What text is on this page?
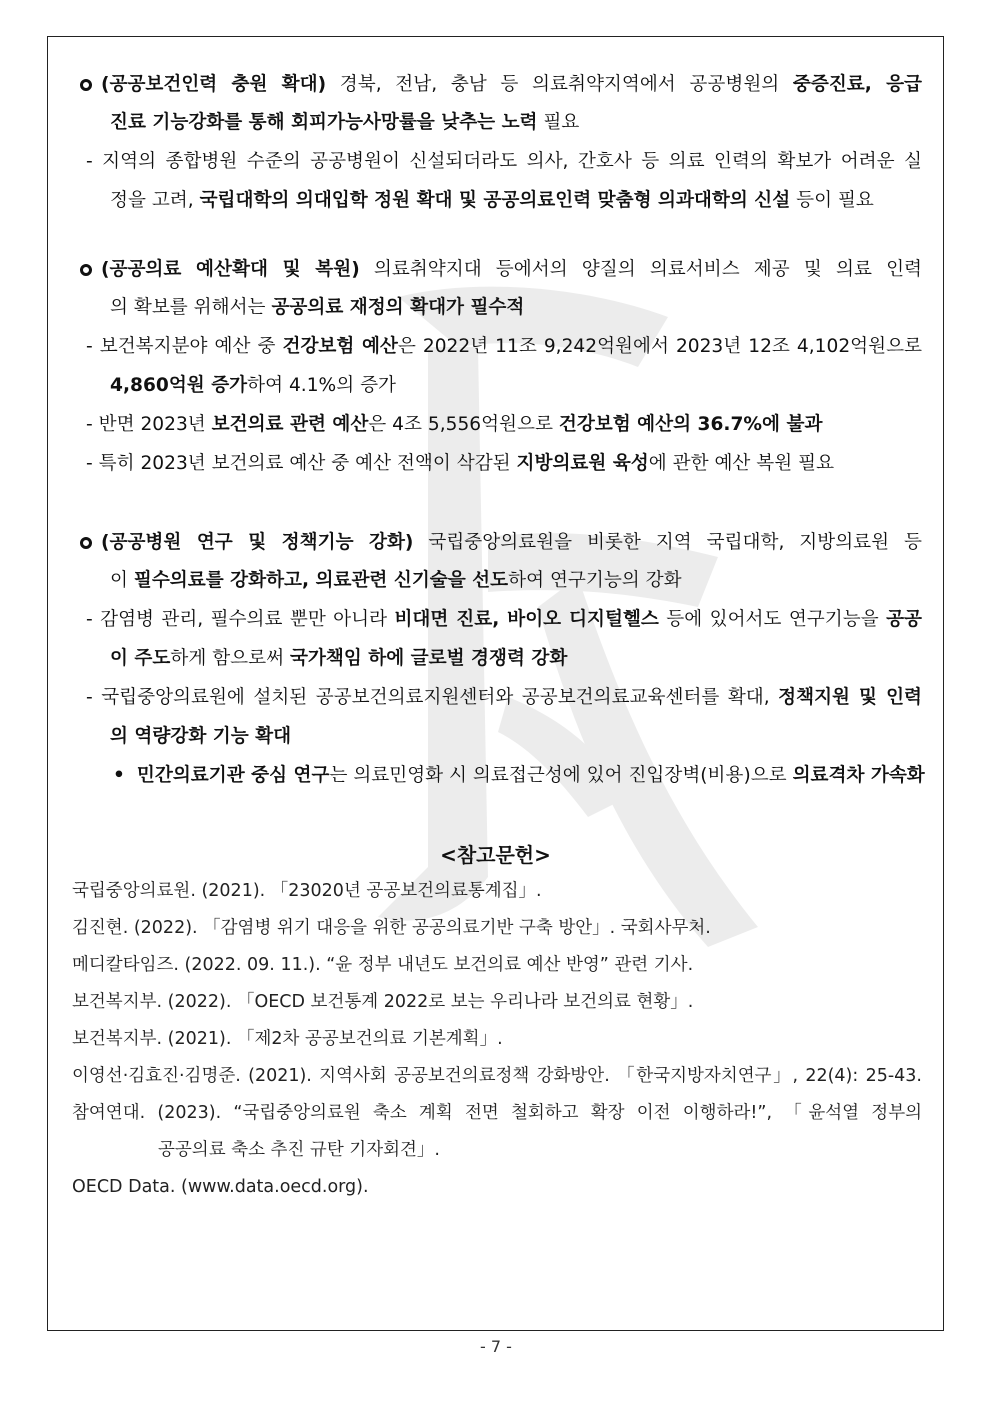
(공공보건인력 충원 확대) 경북, 전남, 충남 등 의료취약지역에서 공공병원의 중증진료, 응급
진료 기능강화를 통해 회피가능사망률을 낮추는 노력 필요
- 지역의 종합병원 수준의 공공병원이 신설되더라도 의사, 간호사 등 의료 인력의 확보가 어려운 실
정을 고려, 국립대학의 의대입학 정원 확대 및 공공의료인력 맞춤형 의과대학의 신설 등이 필요
(공공의료 예산확대 및 복원) 의료취약지대 등에서의 양질의 의료서비스 제공 및 의료 인력
의 확보를 위해서는 공공의료 재정의 확대가 필수적
- 보건복지분야 예산 중 건강보험 예산은 2022년 11조 9,242억원에서 2023년 12조 4,102억원으로
4,860억원 증가하여 4.1%의 증가
- 반면 2023년 보건의료 관련 예산은 4조 5,556억원으로 건강보험 예산의 36.7%에 불과
- 특히 2023년 보건의료 예산 중 예산 전액이 삭감된 지방의료원 육성에 관한 예산 복원 필요
(공공병원 연구 및 정책기능 강화) 국립중앙의료원을 비롯한 지역 국립대학, 지방의료원 등
이 필수의료를 강화하고, 의료관련 신기술을 선도하여 연구기능의 강화
- 감염병 관리, 필수의료 뿐만 아니라 비대면 진료, 바이오 디지털헬스 등에 있어서도 연구기능을 공공
이 주도하게 함으로써 국가책임 하에 글로벌 경쟁력 강화
- 국립중앙의료원에 설치된 공공보건의료지원센터와 공공보건의료교육센터를 확대, 정책지원 및 인력
의 역량강화 기능 확대
• 민간의료기관 중심 연구는 의료민영화 시 의료접근성에 있어 진입장벽(비용)으로 의료격차 가속화
<참고문헌>
국립중앙의료원. (2021). 「23020년 공공보건의료통계집」.
김진현. (2022). 「감염병 위기 대응을 위한 공공의료기반 구축 방안」. 국회사무처.
메디칼타임즈. (2022. 09. 11.). “윤 정부 내년도 보건의료 예산 반영” 관련 기사.
보건복지부. (2022). 「OECD 보건통계 2022로 보는 우리나라 보건의료 현황」.
보건복지부. (2021). 「제2차 공공보건의료 기본계획」.
이영선·김효진·김명준. (2021). 지역사회 공공보건의료정책 강화방안. 「한국지방자치연구」, 22(4): 25-43.
참여연대. (2023). “국립중앙의료원 축소 계획 전면 철회하고 확장 이전 이행하라!”, 「윤석열 정부의
공공의료 축소 추진 규탄 기자회견」.
OECD Data. (www.data.oecd.org).
- 7 -
